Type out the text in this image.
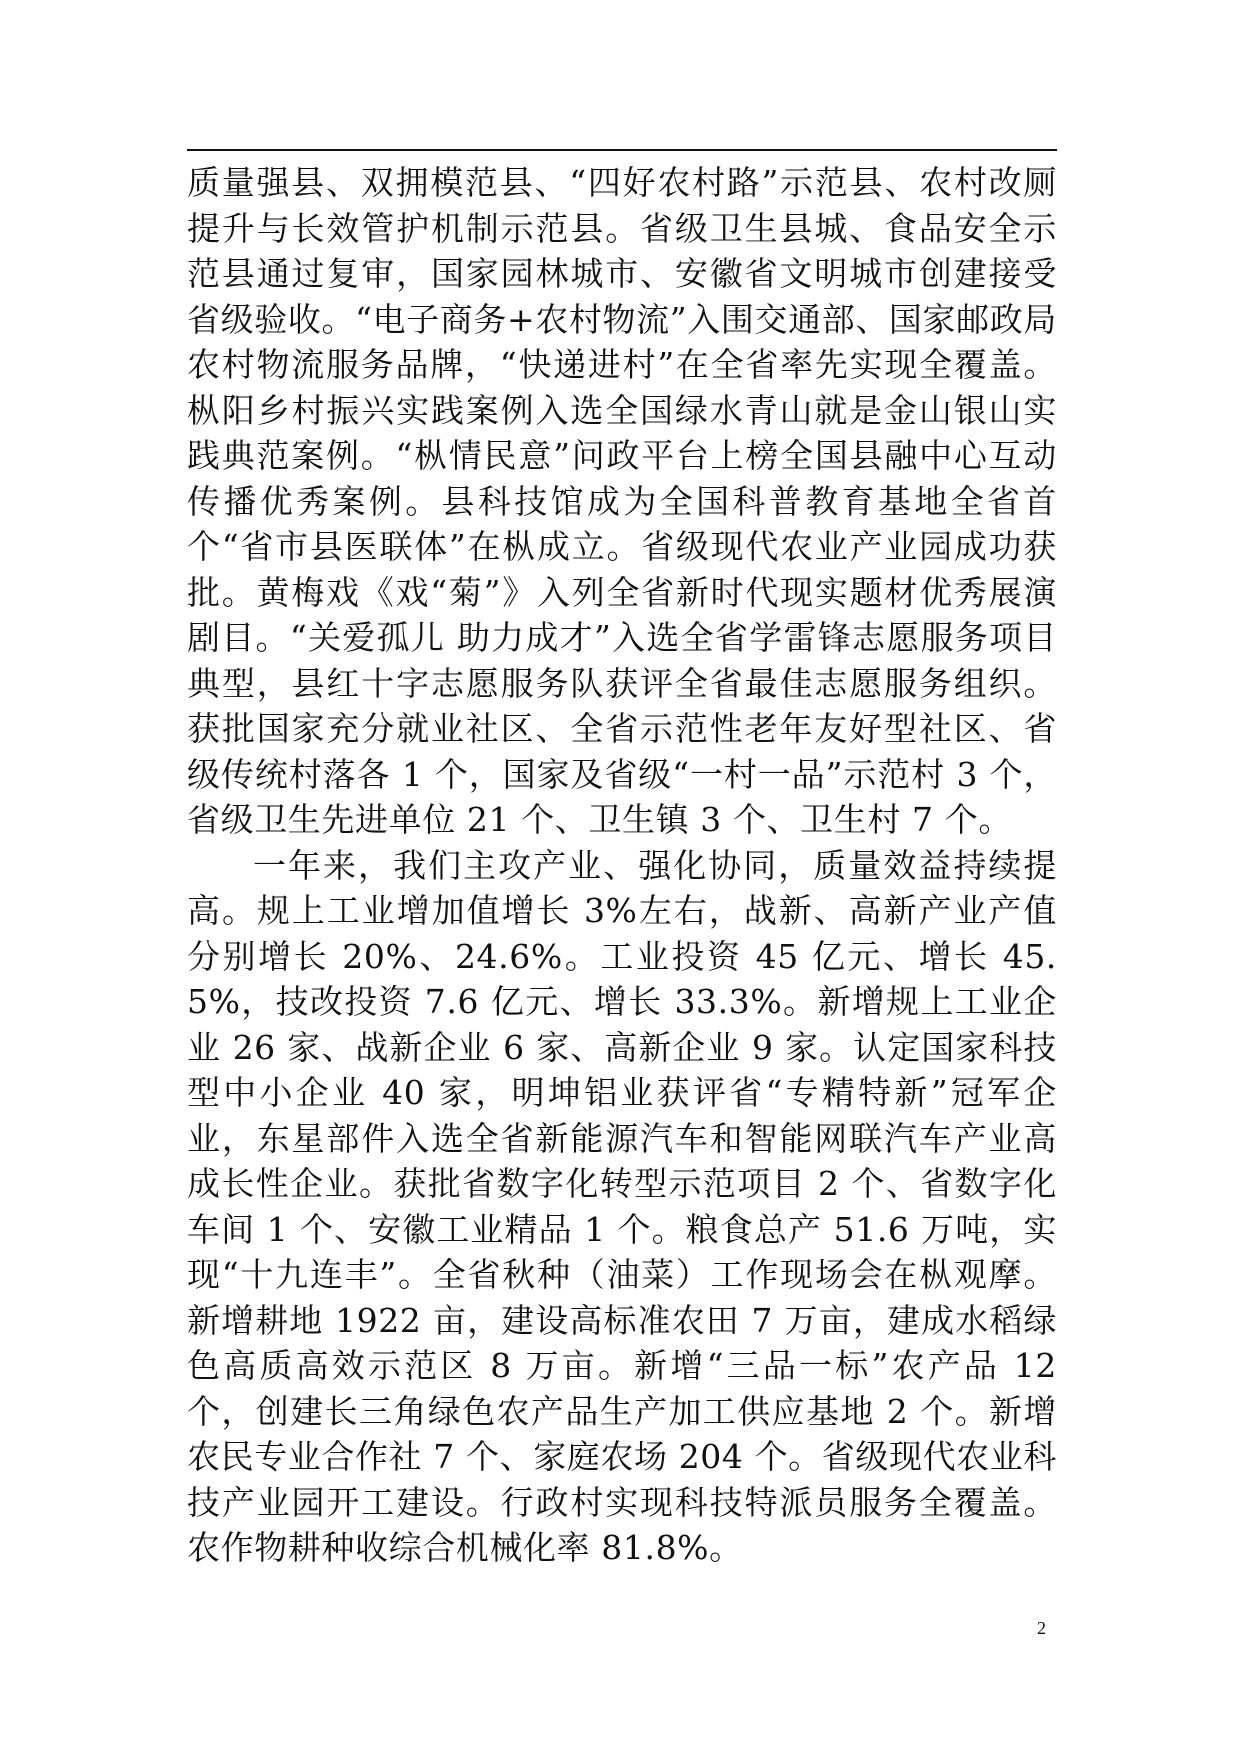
质量强县、双拥模范县、“四好农村路”示范县、农村改厕提升与长效管护机制示范县。省级卫生县城、食品安全示范县通过复审，国家园林城市、安徽省文明城市创建接受省级验收。“电子商务+农村物流”入围交通部、国家邮政局农村物流服务品牌，“快递进村”在全省率先实现全覆盖。枞阳乡村振兴实践案例入选全国绿水青山就是金山银山实践典范案例。“枞情民意”问政平台上榜全国县融中心互动传播优秀案例。县科技馆成为全国科普教育基地全省首个“省市县医联体”在枞成立。省级现代农业产业园成功获批。黄梅戏《戏“菊”》入列全省新时代现实题材优秀展演剧目。“关爱孤儿 助力成才”入选全省学雷锋志愿服务项目典型，县红十字志愿服务队获评全省最佳志愿服务组织。获批国家充分就业社区、全省示范性老年友好型社区、省级传统村落各 1 个，国家及省级“一村一品”示范村 3 个，省级卫生先进单位 21 个、卫生镇 3 个、卫生村 7 个。

一年来，我们主攻产业、强化协同，质量效益持续提高。规上工业增加值增长 3%左右，战新、高新产业产值分别增长 20%、24.6%。工业投资 45 亿元、增长 45.5%，技改投资 7.6 亿元、增长 33.3%。新增规上工业企业 26 家、战新企业 6 家、高新企业 9 家。认定国家科技型中小企业 40 家，明坤铝业获评省“专精特新”冠军企业，东星部件入选全省新能源汽车和智能网联汽车产业高成长性企业。获批省数字化转型示范项目 2 个、省数字化车间 1 个、安徽工业精品 1 个。粮食总产 51.6 万吨，实现“十九连丰”。全省秋种（油菜）工作现场会在枞观摩。新增耕地 1922 亩，建设高标准农田 7 万亩，建成水稻绿色高质高效示范区 8 万亩。新增“三品一标”农产品 12 个，创建长三角绿色农产品生产加工供应基地 2 个。新增农民专业合作社 7 个、家庭农场 204 个。省级现代农业科技产业园开工建设。行政村实现科技特派员服务全覆盖。农作物耕种收综合机械化率 81.8%。

2
